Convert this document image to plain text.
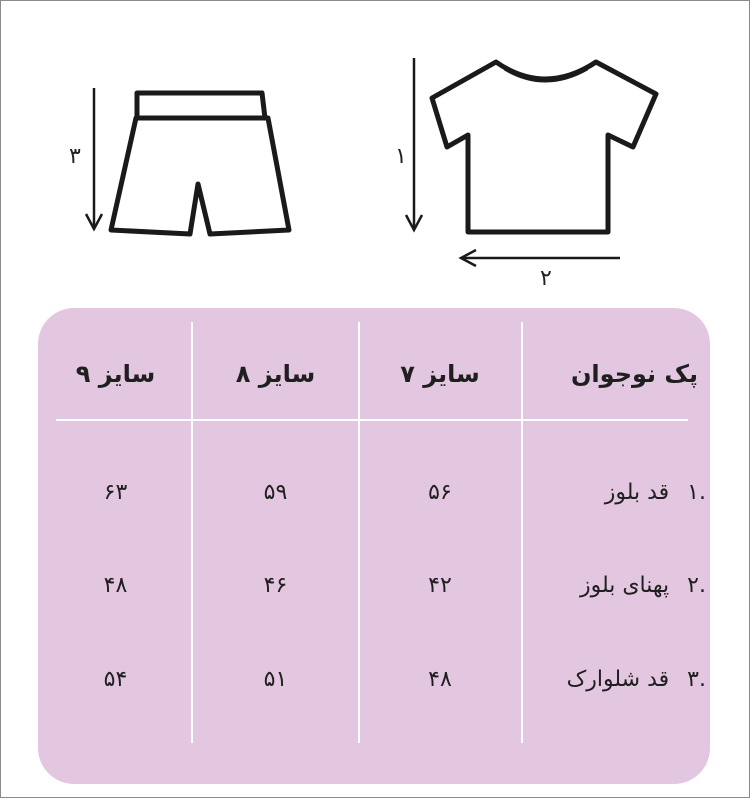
۳	۱
۲
پک نوجوان
سایز ۷
سایز ۸
سایز ۹
.۱
قد بلوز
۵۶
۵۹
۶۳
.۲
پهنای بلوز
۴۲
۴۶
۴۸
.۳
قد شلوارک
۴۸
۵۱
۵۴
